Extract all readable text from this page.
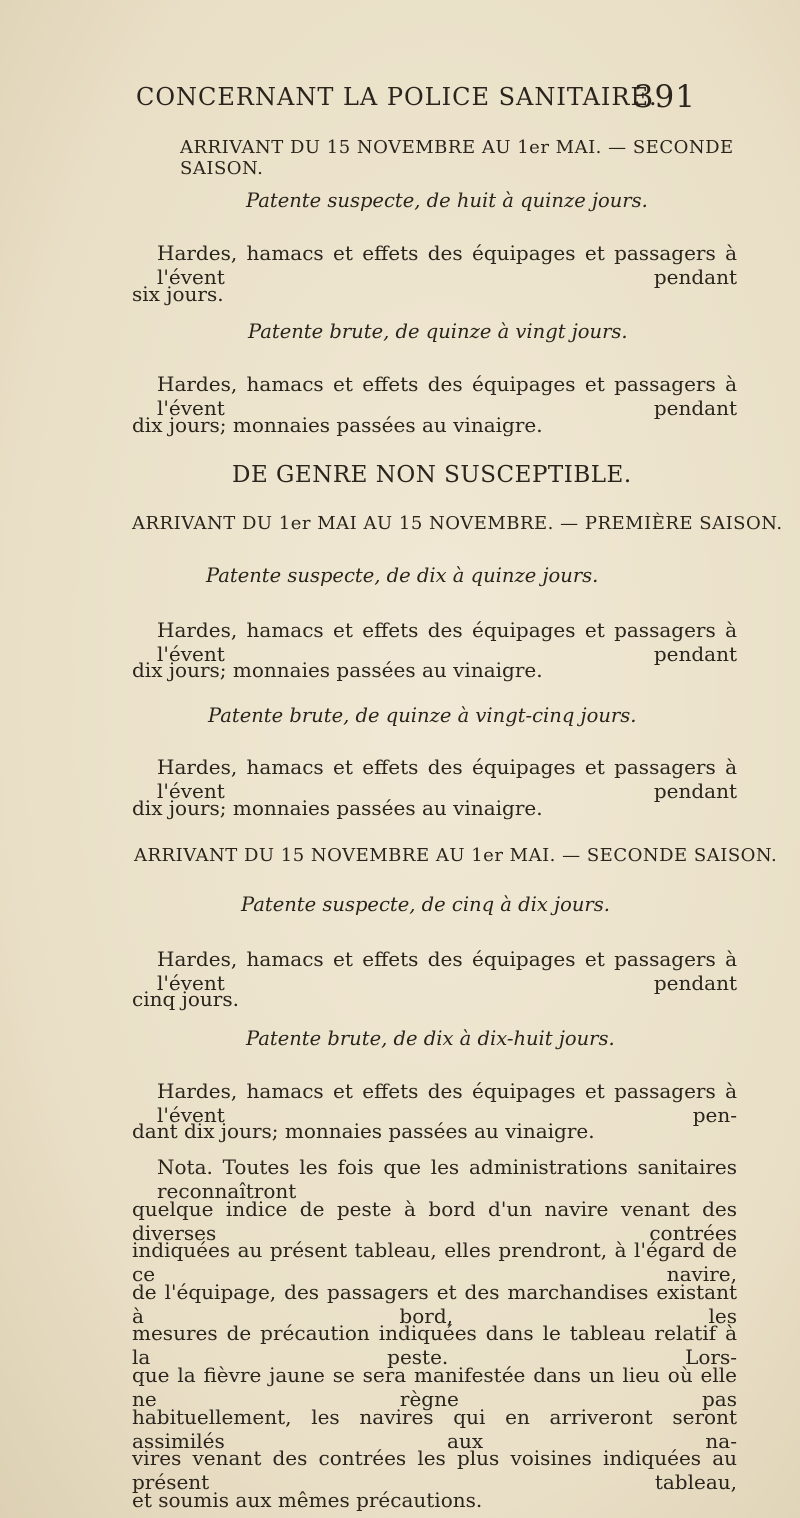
CONCERNANT LA POLICE SANITAIRE.
391
ARRIVANT DU 15 NOVEMBRE AU 1er MAI. — SECONDE SAISON.
Patente suspecte, de huit à quinze jours.
Hardes, hamacs et effets des équipages et passagers à l'évent pendant
six jours.
Patente brute, de quinze à vingt jours.
Hardes, hamacs et effets des équipages et passagers à l'évent pendant
dix jours; monnaies passées au vinaigre.
DE GENRE NON SUSCEPTIBLE.
ARRIVANT DU 1er MAI AU 15 NOVEMBRE. — PREMIÈRE SAISON.
Patente suspecte, de dix à quinze jours.
Hardes, hamacs et effets des équipages et passagers à l'évent pendant
dix jours; monnaies passées au vinaigre.
Patente brute, de quinze à vingt-cinq jours.
Hardes, hamacs et effets des équipages et passagers à l'évent pendant
dix jours; monnaies passées au vinaigre.
ARRIVANT DU 15 NOVEMBRE AU 1er MAI. — SECONDE SAISON.
Patente suspecte, de cinq à dix jours.
Hardes, hamacs et effets des équipages et passagers à l'évent pendant
cinq jours.
Patente brute, de dix à dix-huit jours.
Hardes, hamacs et effets des équipages et passagers à l'évent pen-
dant dix jours; monnaies passées au vinaigre.
Nota. Toutes les fois que les administrations sanitaires reconnaîtront
quelque indice de peste à bord d'un navire venant des diverses contrées
indiquées au présent tableau, elles prendront, à l'égard de ce navire,
de l'équipage, des passagers et des marchandises existant à bord, les
mesures de précaution indiquées dans le tableau relatif à la peste. Lors-
que la fièvre jaune se sera manifestée dans un lieu où elle ne règne pas
habituellement, les navires qui en arriveront seront assimilés aux na-
vires venant des contrées les plus voisines indiquées au présent tableau,
et soumis aux mêmes précautions.
